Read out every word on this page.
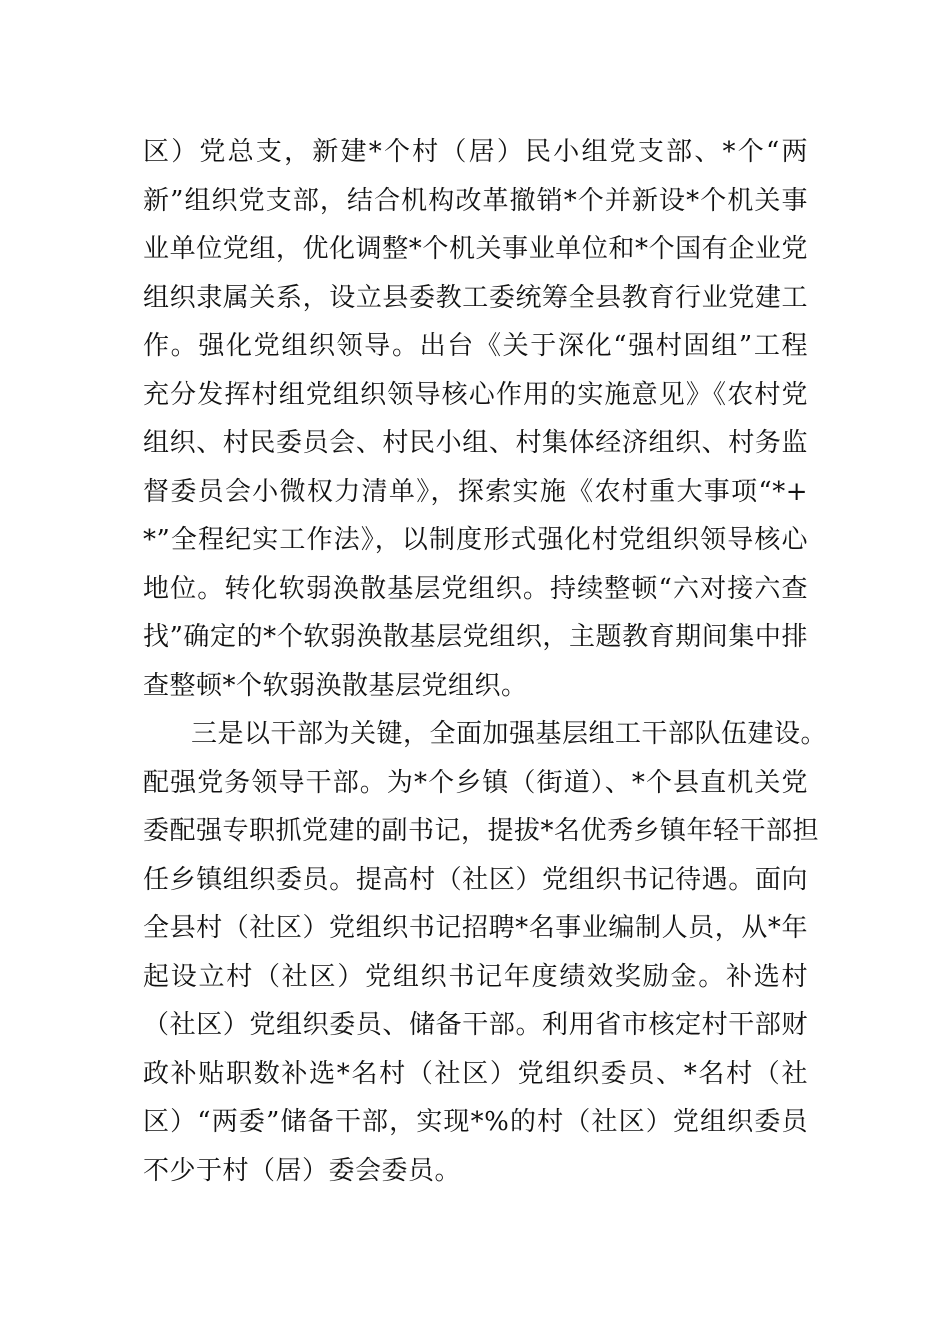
区）党总支，新建*个村（居）民小组党支部、*个“两
新”组织党支部，结合机构改革撤销*个并新设*个机关事
业单位党组，优化调整*个机关事业单位和*个国有企业党
组织隶属关系，设立县委教工委统筹全县教育行业党建工
作。强化党组织领导。出台《关于深化“强村固组”工程
充分发挥村组党组织领导核心作用的实施意见》《农村党
组织、村民委员会、村民小组、村集体经济组织、村务监
督委员会小微权力清单》，探索实施《农村重大事项“*+
*”全程纪实工作法》，以制度形式强化村党组织领导核心
地位。转化软弱涣散基层党组织。持续整顿“六对接六查
找”确定的*个软弱涣散基层党组织，主题教育期间集中排
查整顿*个软弱涣散基层党组织。
三是以干部为关键，全面加强基层组工干部队伍建设。
配强党务领导干部。为*个乡镇（街道）、*个县直机关党
委配强专职抓党建的副书记，提拔*名优秀乡镇年轻干部担
任乡镇组织委员。提高村（社区）党组织书记待遇。面向
全县村（社区）党组织书记招聘*名事业编制人员，从*年
起设立村（社区）党组织书记年度绩效奖励金。补选村
（社区）党组织委员、储备干部。利用省市核定村干部财
政补贴职数补选*名村（社区）党组织委员、*名村（社
区）“两委”储备干部，实现*%的村（社区）党组织委员
不少于村（居）委会委员。
